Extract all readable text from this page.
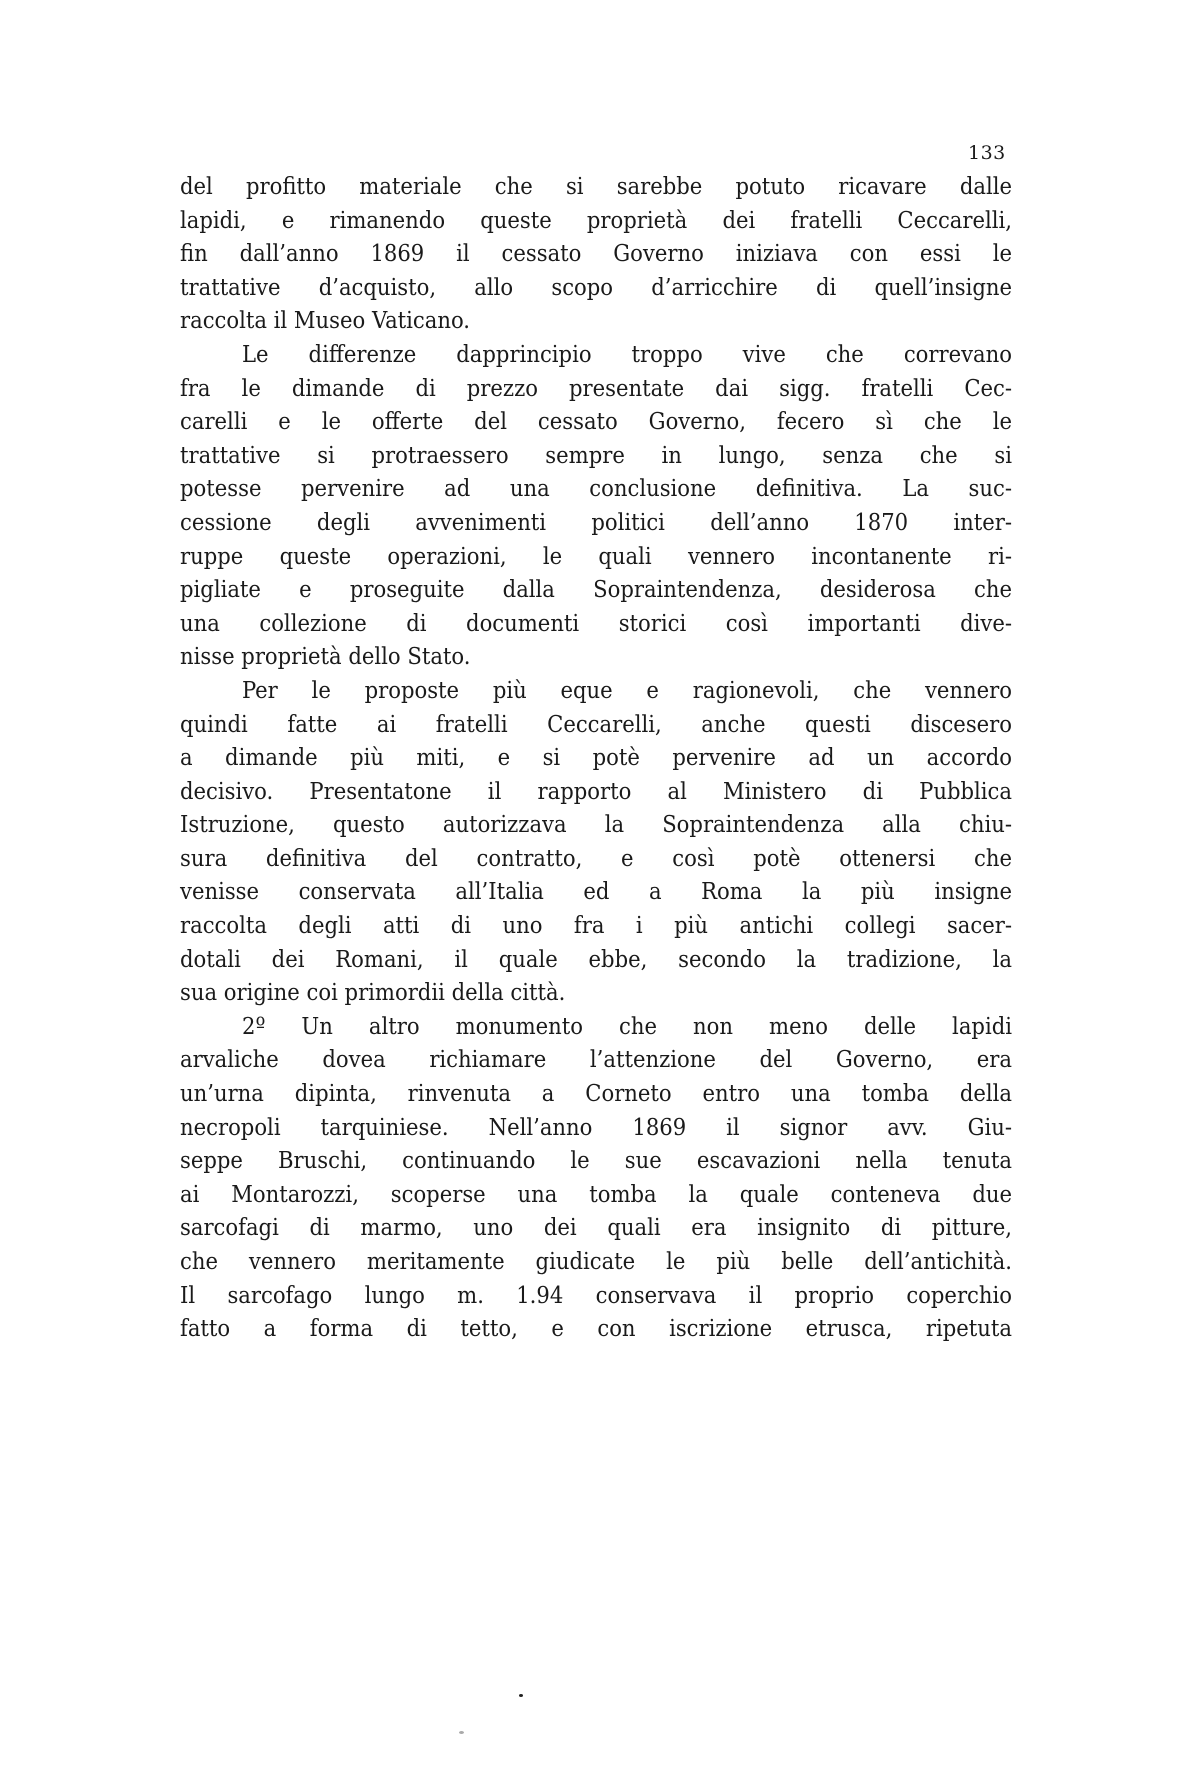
133
del profitto materiale che si sarebbe potuto ricavare dalle
lapidi, e rimanendo queste proprietà dei fratelli Ceccarelli,
fin dall’anno 1869 il cessato Governo iniziava con essi le
trattative d’acquisto, allo scopo d’arricchire di quell’insigne
raccolta il Museo Vaticano.
Le differenze dapprincipio troppo vive che correvano
fra le dimande di prezzo presentate dai sigg. fratelli Cec-
carelli e le offerte del cessato Governo, fecero sì che le
trattative si protraessero sempre in lungo, senza che si
potesse pervenire ad una conclusione definitiva. La suc-
cessione degli avvenimenti politici dell’anno 1870 inter-
ruppe queste operazioni, le quali vennero incontanente ri-
pigliate e proseguite dalla Sopraintendenza, desiderosa che
una collezione di documenti storici così importanti dive-
nisse proprietà dello Stato.
Per le proposte più eque e ragionevoli, che vennero
quindi fatte ai fratelli Ceccarelli, anche questi discesero
a dimande più miti, e si potè pervenire ad un accordo
decisivo. Presentatone il rapporto al Ministero di Pubblica
Istruzione, questo autorizzava la Sopraintendenza alla chiu-
sura definitiva del contratto, e così potè ottenersi che
venisse conservata all’Italia ed a Roma la più insigne
raccolta degli atti di uno fra i più antichi collegi sacer-
dotali dei Romani, il quale ebbe, secondo la tradizione, la
sua origine coi primordii della città.
2º Un altro monumento che non meno delle lapidi
arvaliche dovea richiamare l’attenzione del Governo, era
un’urna dipinta, rinvenuta a Corneto entro una tomba della
necropoli tarquiniese. Nell’anno 1869 il signor avv. Giu-
seppe Bruschi, continuando le sue escavazioni nella tenuta
ai Montarozzi, scoperse una tomba la quale conteneva due
sarcofagi di marmo, uno dei quali era insignito di pitture,
che vennero meritamente giudicate le più belle dell’antichità.
Il sarcofago lungo m. 1.94 conservava il proprio coperchio
fatto a forma di tetto, e con iscrizione etrusca, ripetuta
